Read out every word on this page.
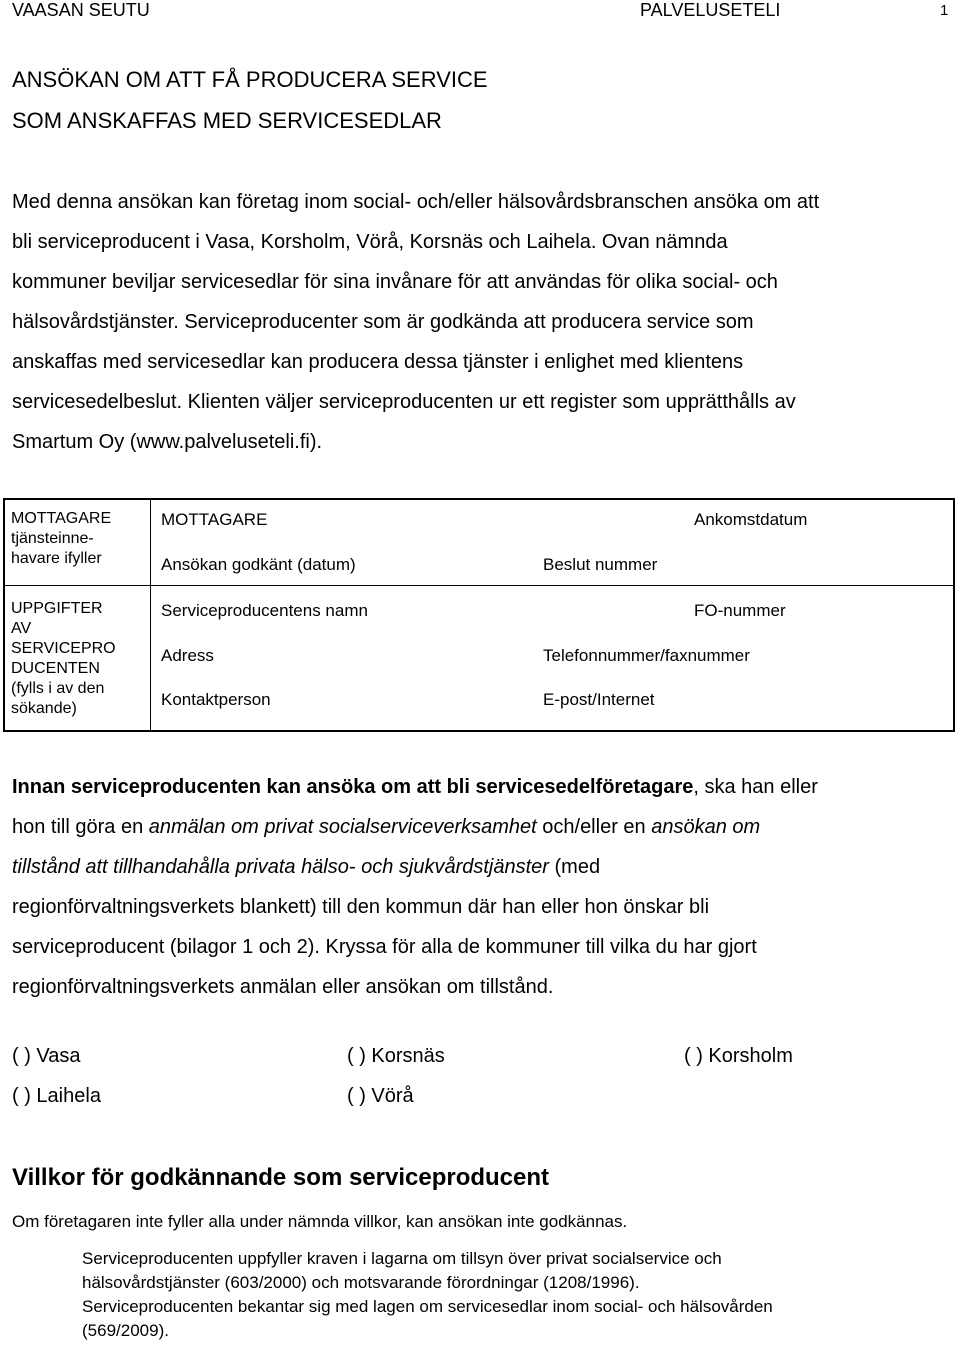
VAASAN SEUTU	PALVELUSETELI	1
ANSÖKAN OM ATT FÅ PRODUCERA SERVICE
SOM ANSKAFFAS MED SERVICESEDLAR
Med denna ansökan kan företag inom social- och/eller hälsovårdsbranschen ansöka om att
bli serviceproducent i Vasa, Korsholm, Vörå, Korsnäs och Laihela. Ovan nämnda
kommuner beviljar servicesedlar för sina invånare för att användas för olika social- och
hälsovårdstjänster. Serviceproducenter som är godkända att producera service som
anskaffas med servicesedlar kan producera dessa tjänster i enlighet med klientens
servicesedelbeslut. Klienten väljer serviceproducenten ur ett register som upprätthålls av
Smartum Oy (www.palveluseteli.fi).
MOTTAGARE
tjänsteinne-
havare ifyller
MOTTAGARE	Ankomstdatum
Ansökan godkänt (datum)	Beslut nummer
UPPGIFTER
AV
SERVICEPRO
DUCENTEN
(fylls i av den
sökande)
Serviceproducentens namn	FO-nummer
Adress	Telefonnummer/faxnummer
Kontaktperson	E-post/Internet
Innan serviceproducenten kan ansöka om att bli servicesedelföretagare, ska han eller
hon till göra en anmälan om privat socialserviceverksamhet och/eller en ansökan om
tillstånd att tillhandahålla privata hälso- och sjukvårdstjänster (med
regionförvaltningsverkets blankett) till den kommun där han eller hon önskar bli
serviceproducent (bilagor 1 och 2). Kryssa för alla de kommuner till vilka du har gjort
regionförvaltningsverkets anmälan eller ansökan om tillstånd.
( ) Vasa	( ) Korsnäs	( ) Korsholm
( ) Laihela	( ) Vörå
Villkor för godkännande som serviceproducent
Om företagaren inte fyller alla under nämnda villkor, kan ansökan inte godkännas.
Serviceproducenten uppfyller kraven i lagarna om tillsyn över privat socialservice och
hälsovårdstjänster (603/2000) och motsvarande förordningar (1208/1996).
Serviceproducenten bekantar sig med lagen om servicesedlar inom social- och hälsovården
(569/2009).
